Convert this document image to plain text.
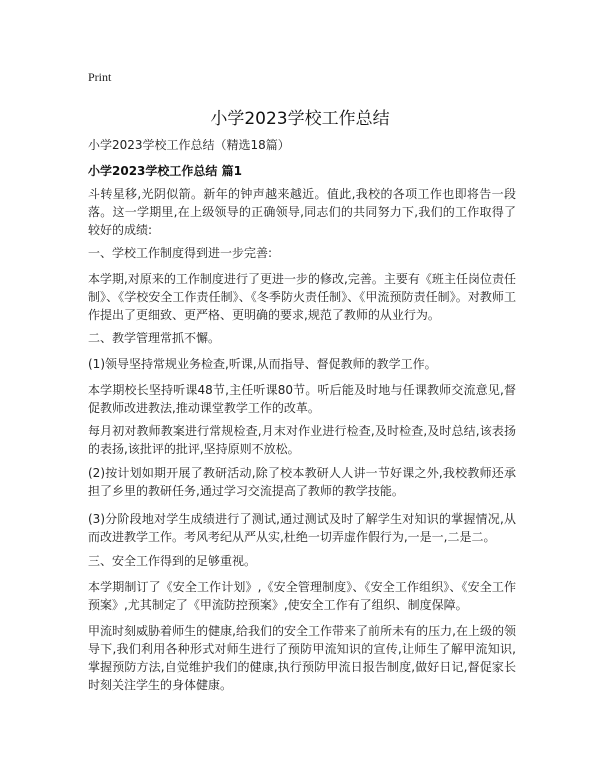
Print
小学2023学校工作总结
小学2023学校工作总结（精选18篇）
小学2023学校工作总结 篇1
斗转星移,光阴似箭。新年的钟声越来越近。值此,我校的各项工作也即将告一段落。这一学期里,在上级领导的正确领导,同志们的共同努力下,我们的工作取得了较好的成绩:
一、学校工作制度得到进一步完善:
本学期,对原来的工作制度进行了更进一步的修改,完善。主要有《班主任岗位责任制》、《学校安全工作责任制》、《冬季防火责任制》、《甲流预防责任制》。对教师工作提出了更细致、更严格、更明确的要求,规范了教师的从业行为。
二、教学管理常抓不懈。
(1)领导坚持常规业务检查,听课,从而指导、督促教师的教学工作。
本学期校长坚持听课48节,主任听课80节。听后能及时地与任课教师交流意见,督促教师改进教法,推动课堂教学工作的改革。
每月初对教师教案进行常规检查,月末对作业进行检查,及时检查,及时总结,该表扬的表扬,该批评的批评,坚持原则不放松。
(2)按计划如期开展了教研活动,除了校本教研人人讲一节好课之外,我校教师还承担了乡里的教研任务,通过学习交流提高了教师的教学技能。
(3)分阶段地对学生成绩进行了测试,通过测试及时了解学生对知识的掌握情况,从而改进教学工作。考风考纪从严从实,杜绝一切弄虚作假行为,一是一,二是二。
三、安全工作得到的足够重视。
本学期制订了《安全工作计划》,《安全管理制度》、《安全工作组织》、《安全工作预案》,尤其制定了《甲流防控预案》,使安全工作有了组织、制度保障。
甲流时刻威胁着师生的健康,给我们的安全工作带来了前所未有的压力,在上级的领导下,我们利用各种形式对师生进行了预防甲流知识的宣传,让师生了解甲流知识,掌握预防方法,自觉维护我们的健康,执行预防甲流日报告制度,做好日记,督促家长时刻关注学生的身体健康。
